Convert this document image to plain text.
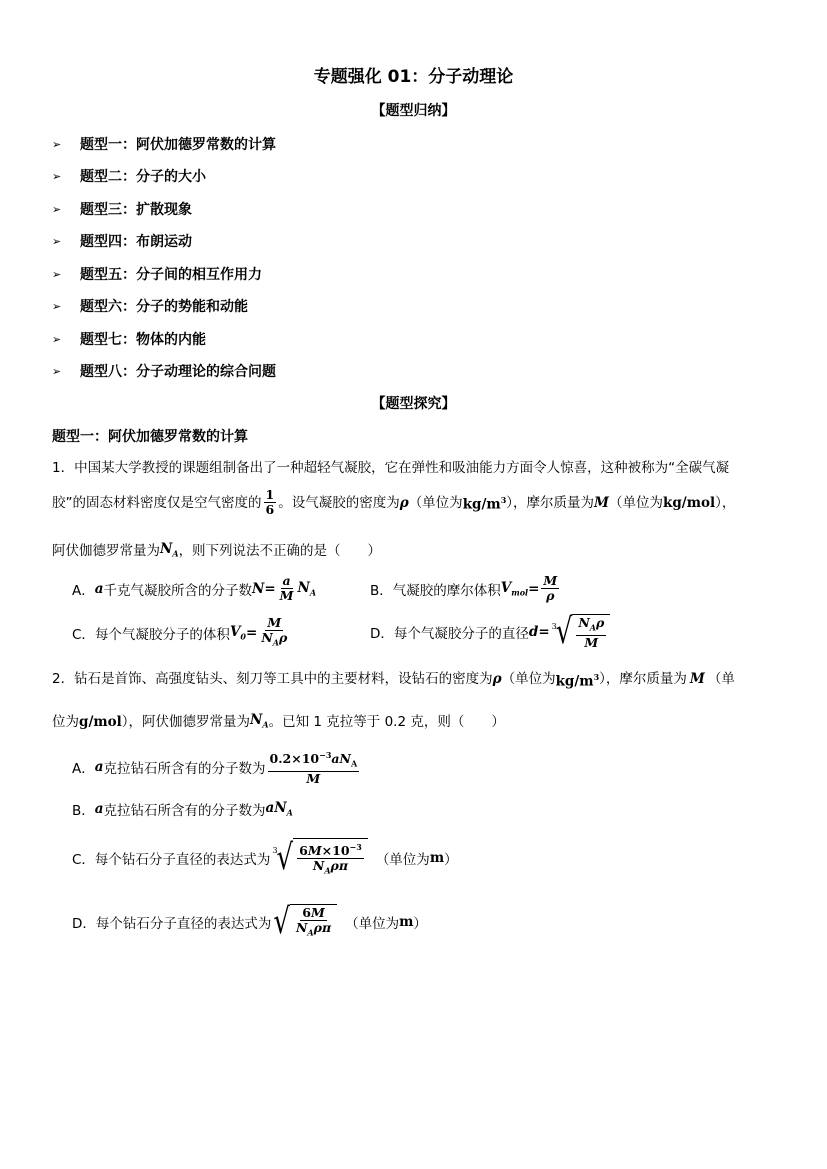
专题强化 01：分子动理论
【题型归纳】
➢	题型一：阿伏加德罗常数的计算
➢	题型二：分子的大小
➢	题型三：扩散现象
➢	题型四：布朗运动
➢	题型五：分子间的相互作用力
➢	题型六：分子的势能和动能
➢	题型七：物体的内能
➢	题型八：分子动理论的综合问题
【题型探究】
题型一：阿伏加德罗常数的计算
1．中国某大学教授的课题组制备出了一种超轻气凝胶，它在弹性和吸油能力方面令人惊喜，这种被称为“全碳气凝
胶”的固态材料密度仅是空气密度的 $\frac{1}{6}$ 。设气凝胶的密度为 ρ （单位为 $kg/m^3$ ），摩尔质量为 M （单位为 kg/mol ），
阿伏伽德罗常量为 $N_A$ ，则下列说法不正确的是（　　）
A． a 千克气凝胶所含的分子数 $N = \frac{a}{M} N_A$	B． 气凝胶的摩尔体积 $V_{mol} = \frac{M}{\rho}$
C． 每个气凝胶分子的体积 $V_0 = \frac{M}{N_A\rho}$	D． 每个气凝胶分子的直径 d = 3 √ $\frac{N_A\rho}{M}$
2．钻石是首饰、高强度钻头、刻刀等工具中的主要材料，设钻石的密度为 ρ （单位为 $kg/m^3$ ），摩尔质量为 M （单
位为 g/mol ），阿伏伽德罗常量为 $N_A$ 。已知 1 克拉等于 0.2 克，则（　　）
A． a 克拉钻石所含有的分子数为 $\frac{0.2\times 10^{-3}aN_A}{M}$
B． a 克拉钻石所含有的分子数为 $aN_A$
C．每个钻石分子直径的表达式为
3 √ $\frac{6M\times 10^{-3}}{N_A\rho\pi}$ （单位为 m ）
D．每个钻石分子直径的表达式为 √ $\frac{6M}{N_A\rho\pi}$ （单位为 m ）
